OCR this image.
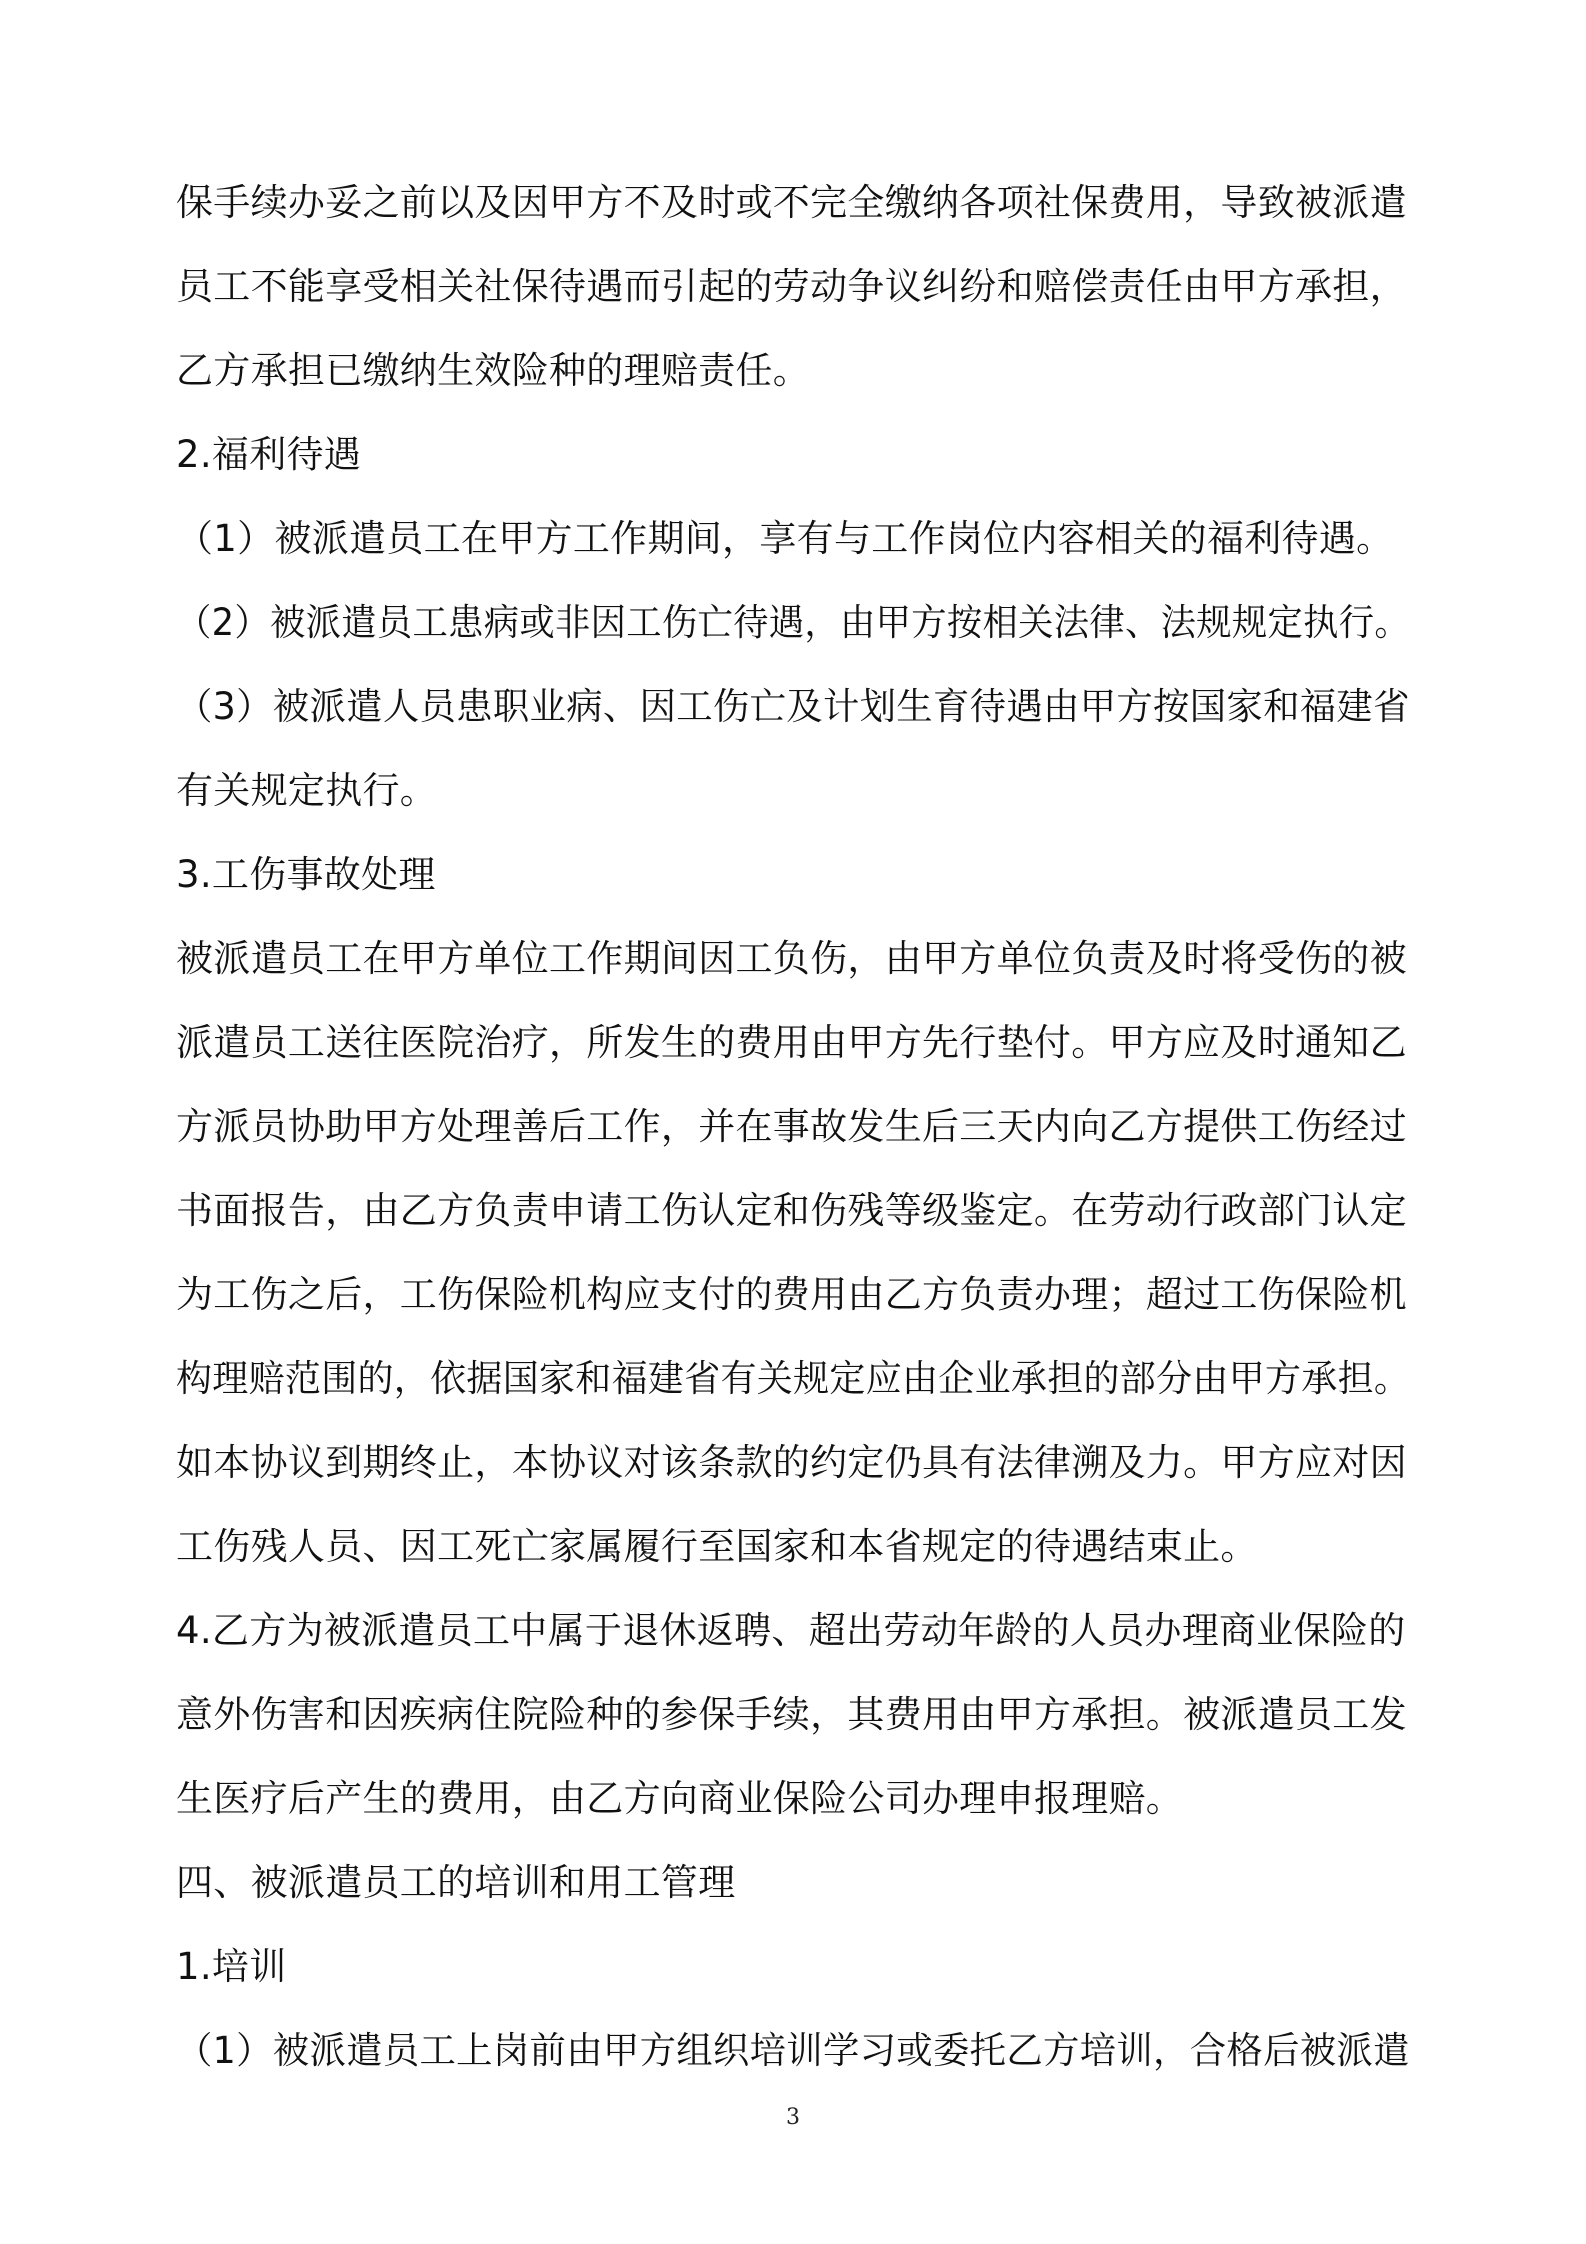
保手续办妥之前以及因甲方不及时或不完全缴纳各项社保费用，导致被派遣
员工不能享受相关社保待遇而引起的劳动争议纠纷和赔偿责任由甲方承担，
乙方承担已缴纳生效险种的理赔责任。
2.福利待遇
（1）被派遣员工在甲方工作期间，享有与工作岗位内容相关的福利待遇。
（2）被派遣员工患病或非因工伤亡待遇，由甲方按相关法律、法规规定执行。
（3）被派遣人员患职业病、因工伤亡及计划生育待遇由甲方按国家和福建省
有关规定执行。
3.工伤事故处理
被派遣员工在甲方单位工作期间因工负伤，由甲方单位负责及时将受伤的被
派遣员工送往医院治疗，所发生的费用由甲方先行垫付。甲方应及时通知乙
方派员协助甲方处理善后工作，并在事故发生后三天内向乙方提供工伤经过
书面报告，由乙方负责申请工伤认定和伤残等级鉴定。在劳动行政部门认定
为工伤之后，工伤保险机构应支付的费用由乙方负责办理；超过工伤保险机
构理赔范围的，依据国家和福建省有关规定应由企业承担的部分由甲方承担。
如本协议到期终止，本协议对该条款的约定仍具有法律溯及力。甲方应对因
工伤残人员、因工死亡家属履行至国家和本省规定的待遇结束止。
4.乙方为被派遣员工中属于退休返聘、超出劳动年龄的人员办理商业保险的
意外伤害和因疾病住院险种的参保手续，其费用由甲方承担。被派遣员工发
生医疗后产生的费用，由乙方向商业保险公司办理申报理赔。
四、被派遣员工的培训和用工管理
1.培训
（1）被派遣员工上岗前由甲方组织培训学习或委托乙方培训，合格后被派遣
3
